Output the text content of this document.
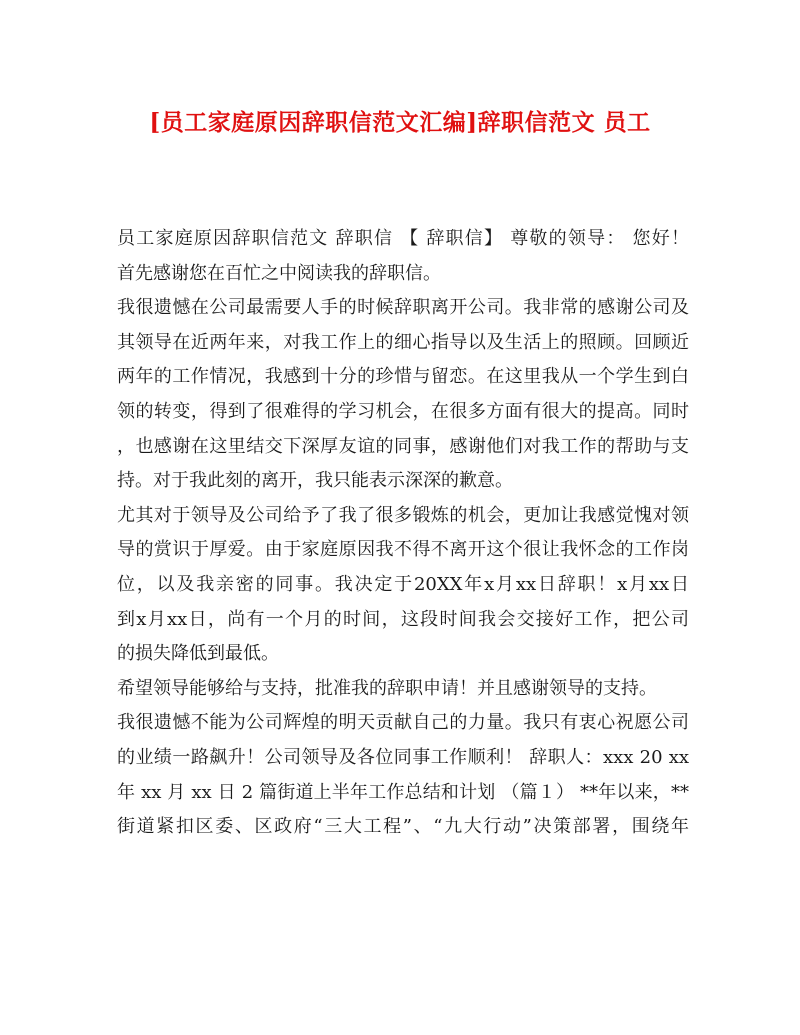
[员工家庭原因辞职信范文汇编]辞职信范文 员工
员工家庭原因辞职信范文 辞职信 【 辞职信】 尊敬的领导： 您好！
首先感谢您在百忙之中阅读我的辞职信。
我很遗憾在公司最需要人手的时候辞职离开公司。我非常的感谢公司及
其领导在近两年来，对我工作上的细心指导以及生活上的照顾。回顾近
两年的工作情况，我感到十分的珍惜与留恋。在这里我从一个学生到白
领的转变，得到了很难得的学习机会，在很多方面有很大的提高。同时
，也感谢在这里结交下深厚友谊的同事，感谢他们对我工作的帮助与支
持。对于我此刻的离开，我只能表示深深的歉意。
尤其对于领导及公司给予了我了很多锻炼的机会，更加让我感觉愧对领
导的赏识于厚爱。由于家庭原因我不得不离开这个很让我怀念的工作岗
位，以及我亲密的同事。我决定于20XX年x月xx日辞职！x月xx日
到x月xx日，尚有一个月的时间，这段时间我会交接好工作，把公司
的损失降低到最低。
希望领导能够给与支持，批准我的辞职申请！并且感谢领导的支持。
我很遗憾不能为公司辉煌的明天贡献自己的力量。我只有衷心祝愿公司
的业绩一路飙升！公司领导及各位同事工作顺利！ 辞职人：xxx 20 xx
年 xx 月 xx 日 2 篇街道上半年工作总结和计划 （篇１） **年以来，**
街道紧扣区委、区政府“三大工程”、“九大行动”决策部署，围绕年
